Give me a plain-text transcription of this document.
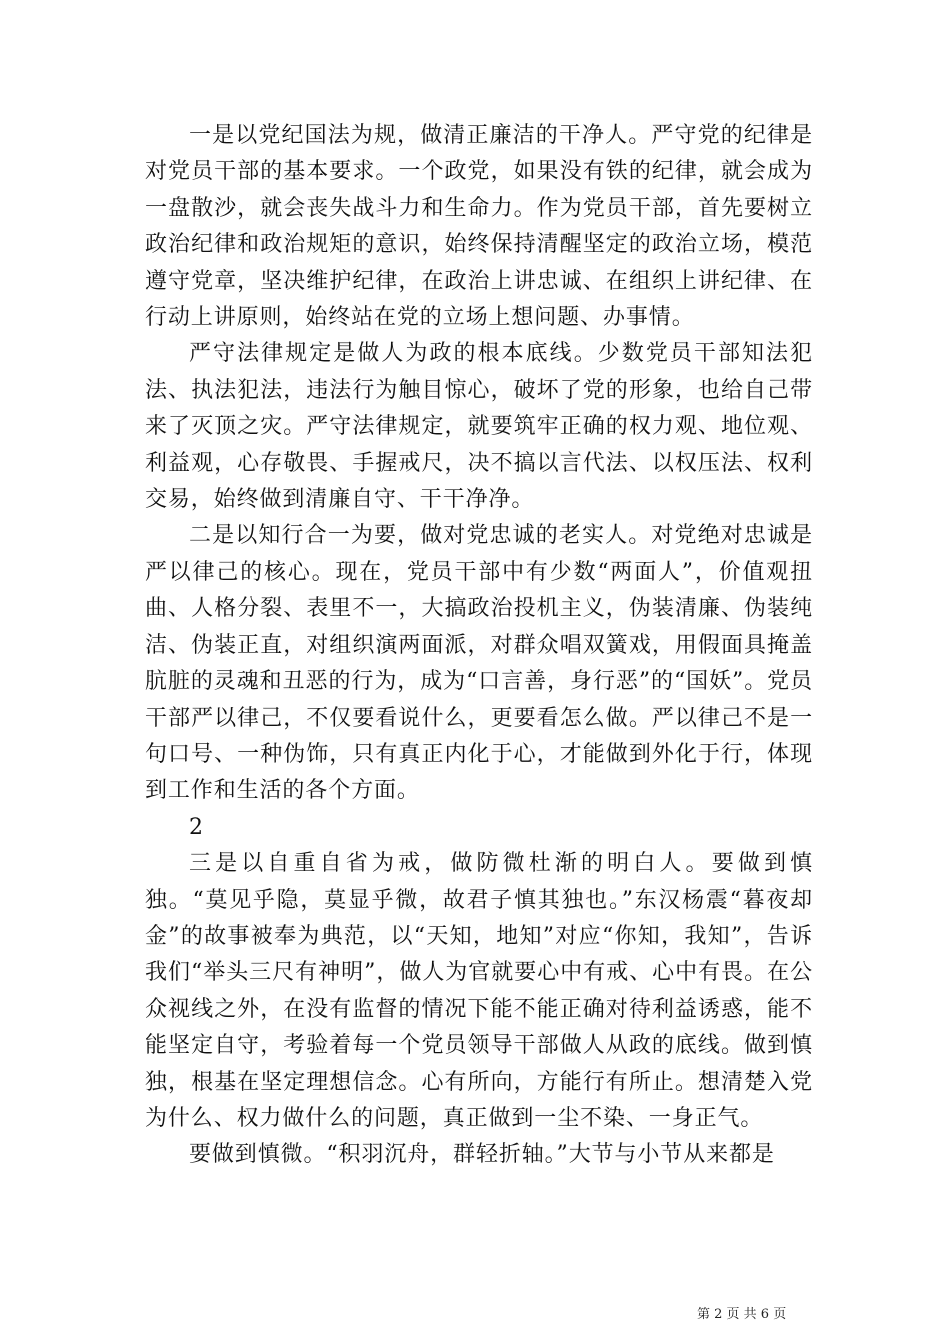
一是以党纪国法为规，做清正廉洁的干净人。严守党的纪律是对党员干部的基本要求。一个政党，如果没有铁的纪律，就会成为一盘散沙，就会丧失战斗力和生命力。作为党员干部，首先要树立政治纪律和政治规矩的意识，始终保持清醒坚定的政治立场，模范遵守党章，坚决维护纪律，在政治上讲忠诚、在组织上讲纪律、在行动上讲原则，始终站在党的立场上想问题、办事情。

严守法律规定是做人为政的根本底线。少数党员干部知法犯法、执法犯法，违法行为触目惊心，破坏了党的形象，也给自己带来了灭顶之灾。严守法律规定，就要筑牢正确的权力观、地位观、利益观，心存敬畏、手握戒尺，决不搞以言代法、以权压法、权利交易，始终做到清廉自守、干干净净。

二是以知行合一为要，做对党忠诚的老实人。对党绝对忠诚是严以律己的核心。现在，党员干部中有少数“两面人”，价值观扭曲、人格分裂、表里不一，大搞政治投机主义，伪装清廉、伪装纯洁、伪装正直，对组织演两面派，对群众唱双簧戏，用假面具掩盖肮脏的灵魂和丑恶的行为，成为“口言善，身行恶”的“国妖”。党员干部严以律己，不仅要看说什么，更要看怎么做。严以律己不是一句口号、一种伪饰，只有真正内化于心，才能做到外化于行，体现到工作和生活的各个方面。

2

三是以自重自省为戒，做防微杜渐的明白人。要做到慎独。“莫见乎隐，莫显乎微，故君子慎其独也。”东汉杨震“暮夜却金”的故事被奉为典范，以“天知，地知”对应“你知，我知”，告诉我们“举头三尺有神明”，做人为官就要心中有戒、心中有畏。在公众视线之外，在没有监督的情况下能不能正确对待利益诱惑，能不能坚定自守，考验着每一个党员领导干部做人从政的底线。做到慎独，根基在坚定理想信念。心有所向，方能行有所止。想清楚入党为什么、权力做什么的问题，真正做到一尘不染、一身正气。

要做到慎微。“积羽沉舟，群轻折轴。”大节与小节从来都是

第 2 页 共 6 页
